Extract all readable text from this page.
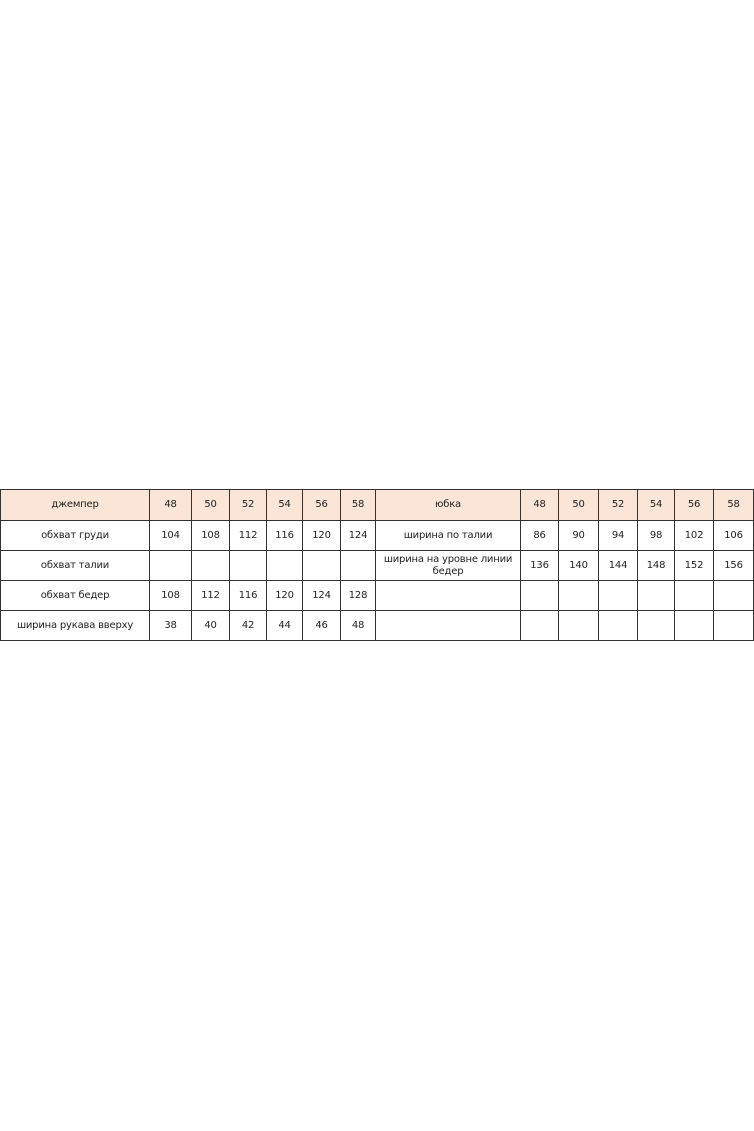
джемпер	48	50	52	54	56	58	юбка	48	50	52	54	56	58
обхват груди	104	108	112	116	120	124	ширина по талии	86	90	94	98	102	106
обхват талии							ширина на уровне линии бедер	136	140	144	148	152	156
обхват бедер	108	112	116	120	124	128							
ширина рукава вверху	38	40	42	44	46	48							
